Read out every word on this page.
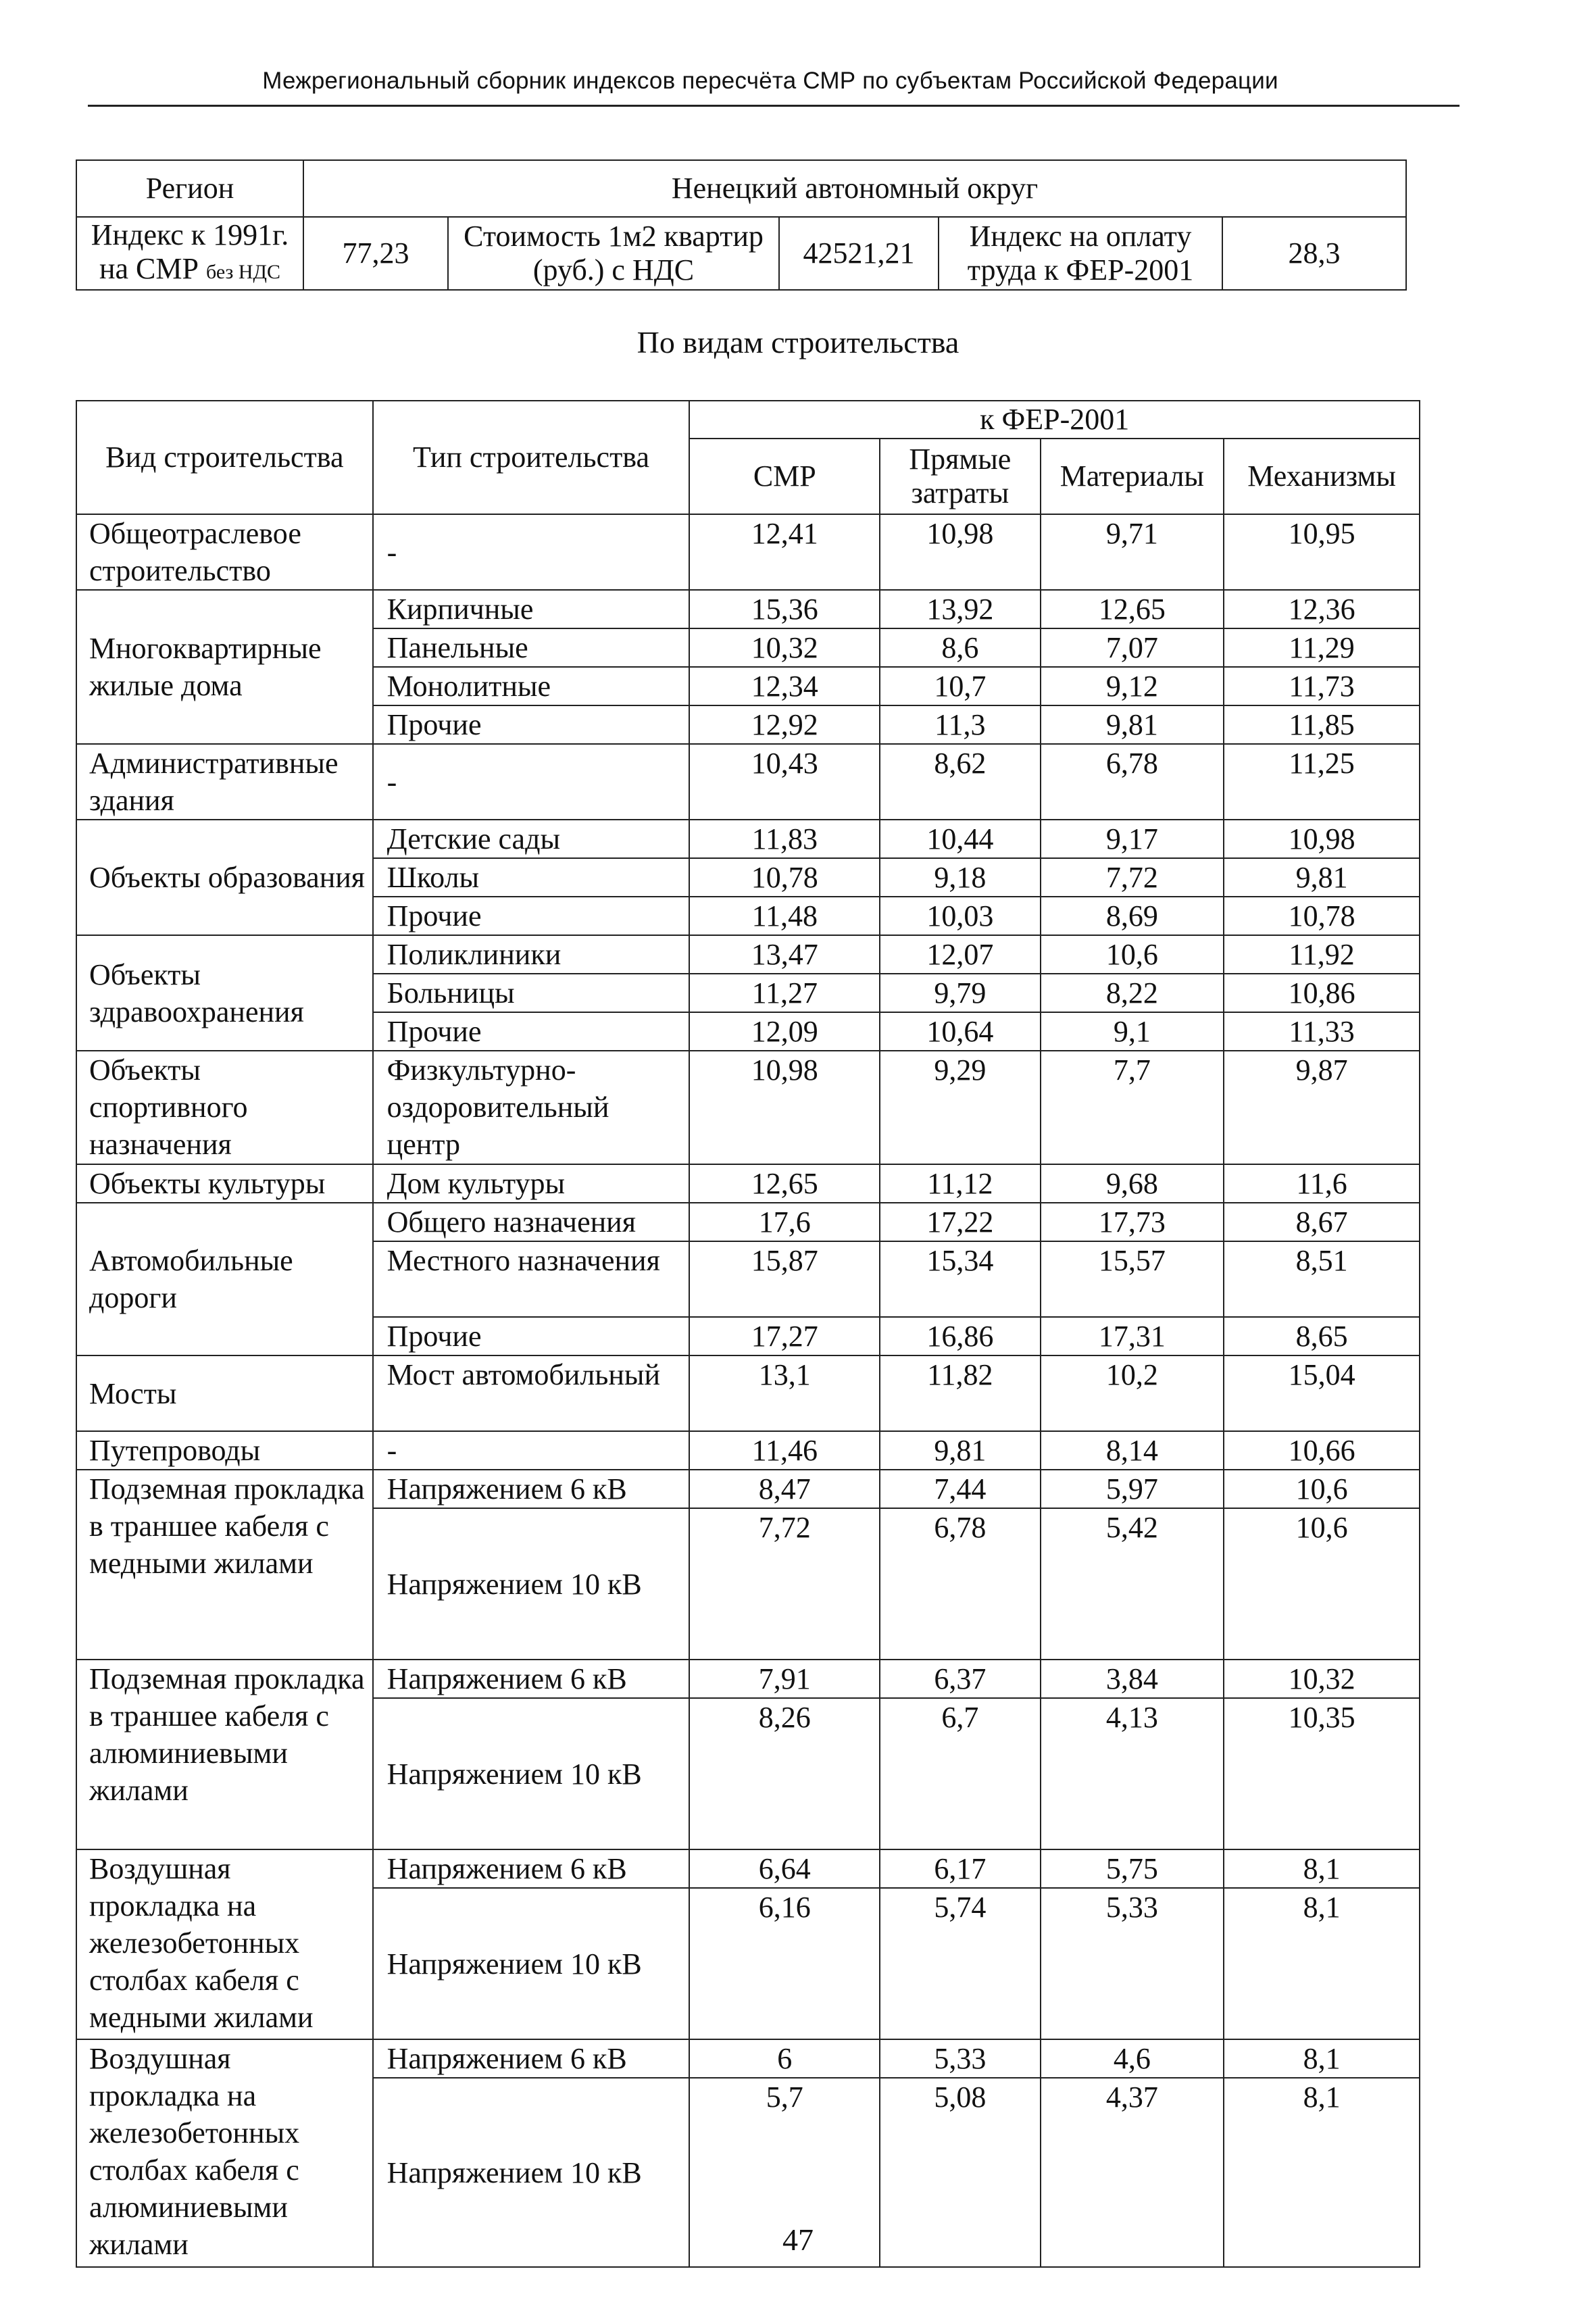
Межрегиональный сборник индексов пересчёта СМР по субъектам Российской Федерации
Регион	Ненецкий автономный округ				
Индекс к 1991г. на СМР без НДС	77,23	Стоимость 1м2 квартир (руб.) с НДС	42521,21	Индекс на оплату труда к ФЕР-2001	28,3
По видам строительства
Вид строительства	Тип строительства	к ФЕР-2001			
		СМР	Прямые затраты	Материалы	Механизмы
Общеотраслевое строительство	-	12,41	10,98	9,71	10,95
Многоквартирные жилые дома	Кирпичные	15,36	13,92	12,65	12,36
	Панельные	10,32	8,6	7,07	11,29
	Монолитные	12,34	10,7	9,12	11,73
	Прочие	12,92	11,3	9,81	11,85
Административные здания	-	10,43	8,62	6,78	11,25
Объекты образования	Детские сады	11,83	10,44	9,17	10,98
	Школы	10,78	9,18	7,72	9,81
	Прочие	11,48	10,03	8,69	10,78
Объекты здравоохранения	Поликлиники	13,47	12,07	10,6	11,92
	Больницы	11,27	9,79	8,22	10,86
	Прочие	12,09	10,64	9,1	11,33
Объекты спортивного назначения	Физкультурно-оздоровительный центр	10,98	9,29	7,7	9,87
Объекты культуры	Дом культуры	12,65	11,12	9,68	11,6
Автомобильные дороги	Общего назначения	17,6	17,22	17,73	8,67
	Местного назначения	15,87	15,34	15,57	8,51
	Прочие	17,27	16,86	17,31	8,65
Мосты	Мост автомобильный	13,1	11,82	10,2	15,04
Путепроводы	-	11,46	9,81	8,14	10,66
Подземная прокладка в траншее кабеля с медными жилами	Напряжением 6 кВ	8,47	7,44	5,97	10,6
	Напряжением 10 кВ	7,72	6,78	5,42	10,6
Подземная прокладка в траншее кабеля с алюминиевыми жилами	Напряжением 6 кВ	7,91	6,37	3,84	10,32
	Напряжением 10 кВ	8,26	6,7	4,13	10,35
Воздушная прокладка на железобетонных столбах кабеля с медными жилами	Напряжением 6 кВ	6,64	6,17	5,75	8,1
	Напряжением 10 кВ	6,16	5,74	5,33	8,1
Воздушная прокладка на железобетонных столбах кабеля с алюминиевыми жилами	Напряжением 6 кВ	6	5,33	4,6	8,1
	Напряжением 10 кВ	5,7	5,08	4,37	8,1
47
